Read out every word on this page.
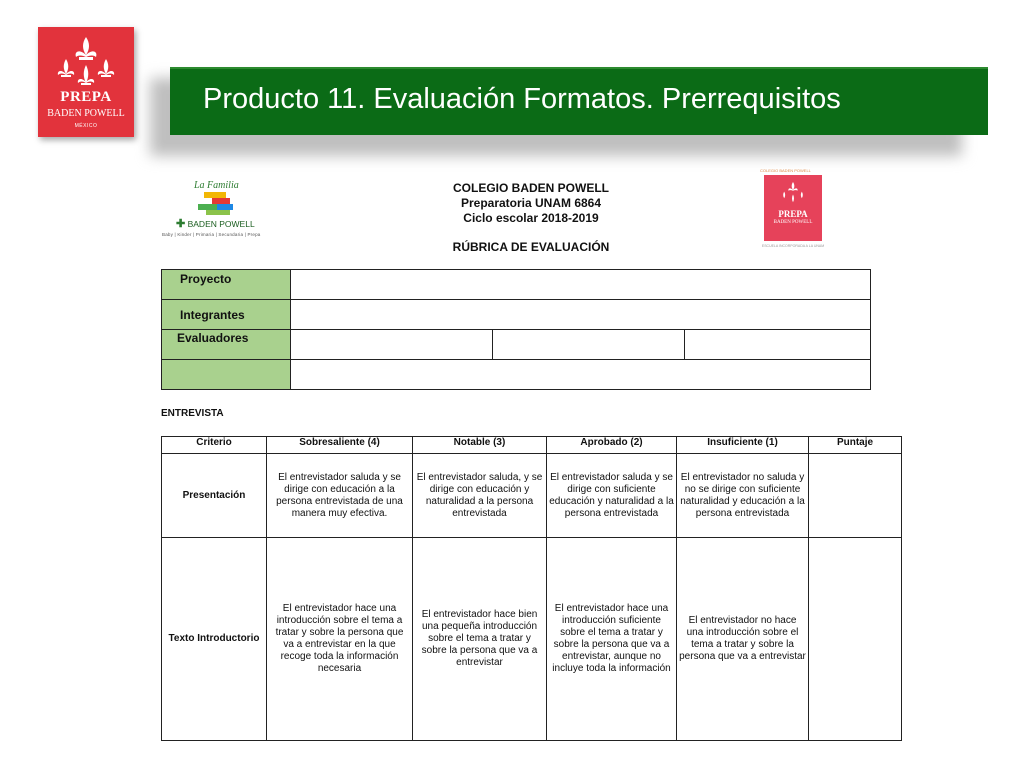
PREPA
BADEN POWELL
MÉXICO
Producto 11. Evaluación Formatos. Prerrequisitos
La Familia
✚ BADEN POWELL
Baby | Kinder | Primaria | Secundaria | Prepa
COLEGIO BADEN POWELL
Preparatoria UNAM 6864
Ciclo escolar 2018-2019
RÚBRICA DE EVALUACIÓN
COLEGIO BADEN POWELL
PREPA
BADEN POWELL
ESCUELA INCORPORADA A LA UNAM
Proyecto			
Integrantes			
Evaluadores			

ENTREVISTA
Criterio	Sobresaliente (4)	Notable (3)	Aprobado (2)	Insuficiente (1)	Puntaje
Presentación	El entrevistador saluda y se dirige con educación a la persona entrevistada de una manera muy efectiva.	El entrevistador saluda, y se dirige con educación y naturalidad a la persona entrevistada	El entrevistador saluda y se dirige con suficiente educación y naturalidad a la persona entrevistada	El entrevistador no saluda y no se dirige con suficiente naturalidad y educación a la persona entrevistada	
Texto Introductorio	El entrevistador hace una introducción sobre el tema a tratar y sobre la persona que va a entrevistar en la que recoge toda la información necesaria	El entrevistador hace bien una pequeña introducción sobre el tema a tratar y sobre la persona que va a entrevistar	El entrevistador hace una introducción suficiente sobre el tema a tratar y sobre la persona que va a entrevistar, aunque no incluye toda la información	El entrevistador no hace una introducción sobre el tema a tratar y sobre la persona que va a entrevistar	
